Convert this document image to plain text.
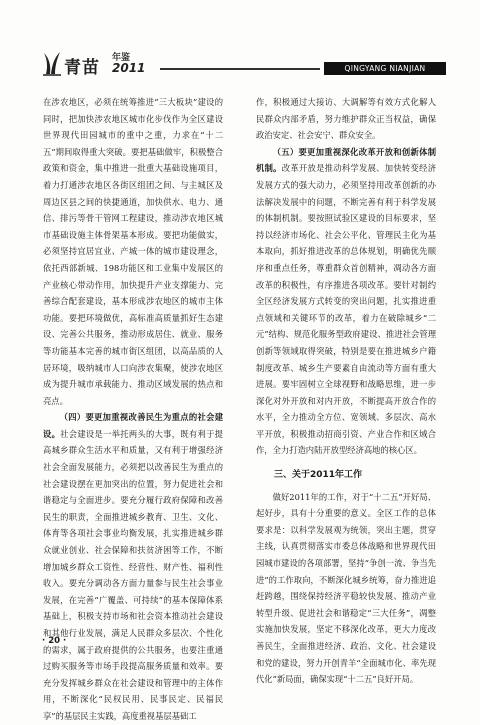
青苗 年鉴
2011	QINGYANG NIANJIAN

在涉农地区，必须在统筹推进“三大板块”建设的同时，把加快涉农地区城市化步伐作为全区建设世界现代田园城市的重中之重，力求在“十二五”期间取得重大突破。要把基础做牢，积极整合政策和资金，集中推进一批重大基础设施项目，着力打通涉农地区各街区组团之间、与主城区及周边区县之间的快捷通道，加快供水、电力、通信、排污等骨干管网工程建设，推动涉农地区城市基础设施主体骨架基本形成。要把功能做实，必须坚持宜居宜业、产城一体的城市建设理念，依托西部新城、198功能区和工业集中发展区的产业核心带动作用，加快提升产业支撑能力、完善综合配套建设，基本形成涉农地区的城市主体功能。要把环境做优，高标准高质量抓好生态建设、完善公共服务，推动形成居住、就业、服务等功能基本完善的城市街区组团，以高品质的人居环境，吸纳城市人口向涉农集聚，使涉农地区成为提升城市承载能力、推动区域发展的热点和亮点。

（四）要更加重视改善民生为重点的社会建设。社会建设是一举托两头的大事，既有利于提高城乡群众生活水平和质量，又有利于增强经济社会全面发展能力，必须把以改善民生为重点的社会建设摆在更加突出的位置，努力促进社会和谐稳定与全面进步。要充分履行政府保障和改善民生的职责，全面推进城乡教育、卫生、文化、体育等各项社会事业均衡发展，扎实推进城乡群众就业创业、社会保障和扶贫济困等工作，不断增加城乡群众工资性、经营性、财产性、福利性收入。要充分调动各方面力量参与民生社会事业发展，在完善“广覆盖、可持续”的基本保障体系基础上，积极支持市场和社会资本推动社会建设和其他行业发展，满足人民群众多层次、个性化的需求，属于政府提供的公共服务，也要注重通过购买服务等市场手段提高服务质量和效率。要充分发挥城乡群众在社会建设和管理中的主体作用，不断深化“民权民用、民事民定、民福民享”的基层民主实践，高度重视基层基础工

作，积极通过大接访、大调解等有效方式化解人民群众内部矛盾，努力维护群众正当权益，确保政治安定、社会安宁、群众安全。

（五）要更加重视深化改革开放和创新体制机制。改革开放是推动科学发展、加快转变经济发展方式的强大动力，必须坚持用改革创新的办法解决发展中的问题，不断完善有利于科学发展的体制机制。要按照试验区建设的目标要求，坚持以经济市场化、社会公平化、管理民主化为基本取向，抓好推进改革的总体规划，明确优先顺序和重点任务，尊重群众首创精神，凋动各方面改革的积极性，有序推进各项改革。要针对制约全区经济发展方式转变的突出问题，扎实推进重点领域和关键环节的改革，着力在破除城乡“二元”结构、规范化服务型政府建设、推进社会管理创新等领域取得突破，特别是要在推进城乡户籍制度改革、城乡生产要素自由流动等方面有重大进展。要牢固树立全球视野和战略思维，进一步深化对外开放和对内开放，不断提高开放合作的水平，全力推动全方位、宽领域、多层次、高水平开放，积极推动招商引资、产业合作和区域合作，全力打造内陆开放型经济高地的核心区。

三、关于2011年工作

做好2011年的工作，对于“十二五”开好局、起好步，具有十分重要的意义。全区工作的总体要求是：以科学发展观为统领，突出主题，贯穿主线，认真贯彻落实市委总体战略和世界现代田园城市建设的各项部署，坚持“争创一流、争当先进”的工作取向，不断深化城乡统筹，奋力推进追赶跨越，围绕保持经济平稳较快发展、推动产业转型升级、促进社会和谐稳定“三大任务”，凋整实施加快发展，坚定不移深化改革，更大力度改善民生，全面推进经济、政治、文化、社会建设和党的建设，努力开创青羊“全面城市化、率先现代化”新局面，确保实现“十二五”良好开局。

· 20 ·
